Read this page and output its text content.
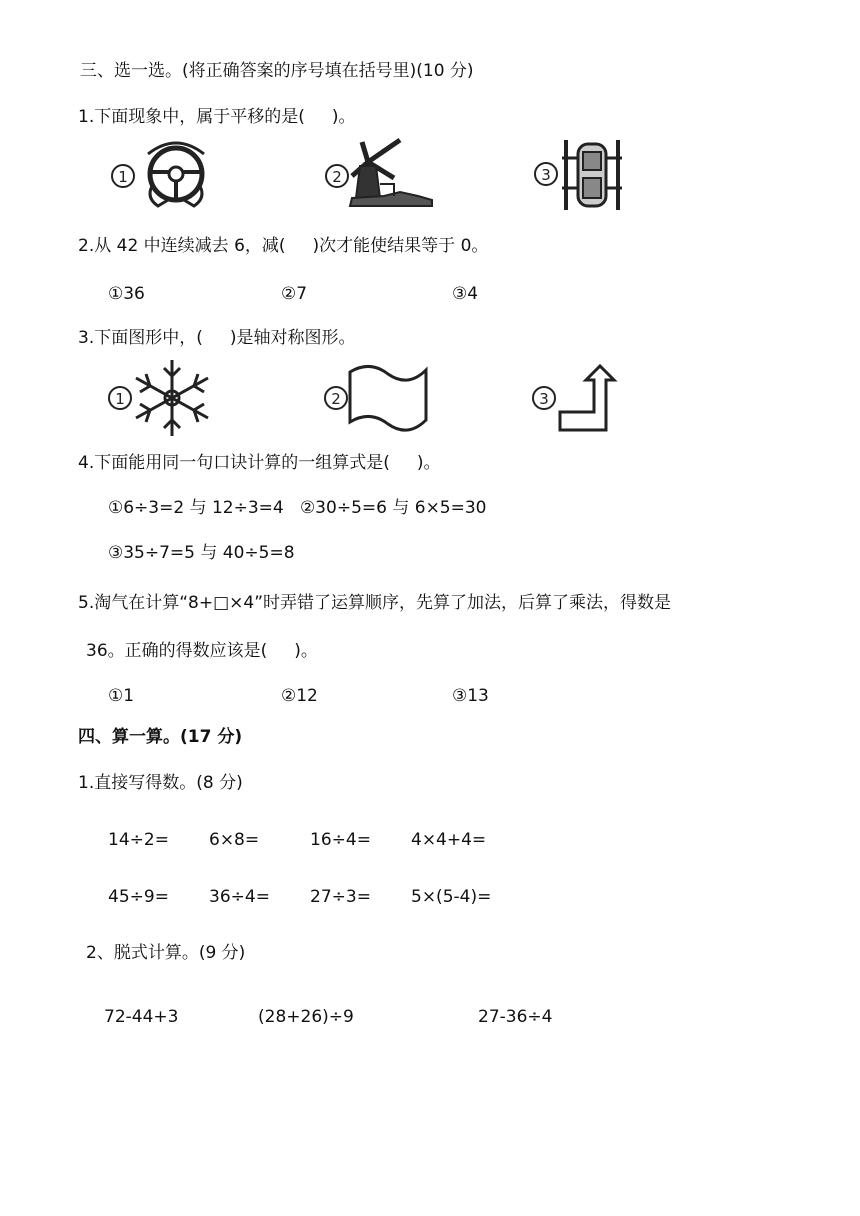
三、选一选。(将正确答案的序号填在括号里)(10 分)
1.下面现象中，属于平移的是(     )。
1	2	3
2.从 42 中连续减去 6，减(     )次才能使结果等于 0。
①36	②7	③4
3.下面图形中，(     )是轴对称图形。
1	2	3
4.下面能用同一句口诀计算的一组算式是(     )。
①6÷3=2 与 12÷3=4   ②30÷5=6 与 6×5=30
③35÷7=5 与 40÷5=8
5.淘气在计算“8+□×4”时弄错了运算顺序，先算了加法，后算了乘法，得数是
36。正确的得数应该是(     )。
①1	②12	③13
四、算一算。(17 分)
1.直接写得数。(8 分)
14÷2= 6×8=	16÷4= 4×4+4=
45÷9= 36÷4= 27÷3= 5×(5-4)=
2、脱式计算。(9 分)
72-44+3	(28+26)÷9	27-36÷4
